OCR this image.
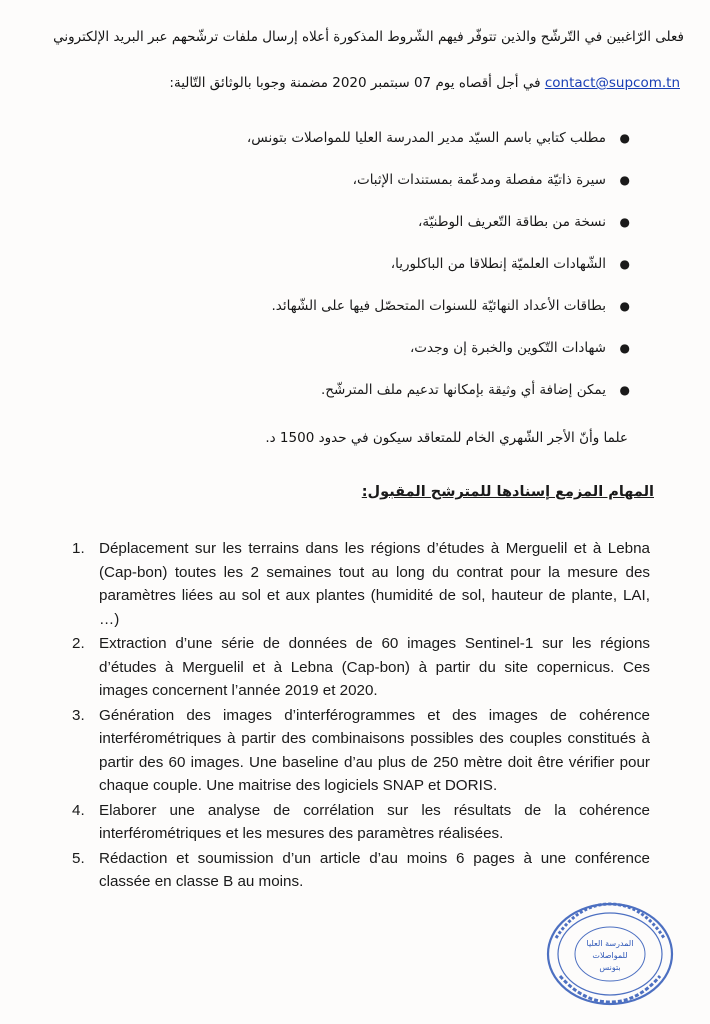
فعلى الرّاغبين في التّرشّح والذين تتوفّر فيهم الشّروط المذكورة أعلاه إرسال ملفات ترشّحهم عبر البريد الإلكتروني
contact@supcom.tn في أجل أقصاه يوم 07 سبتمبر 2020 مضمنة وجوبا بالوثائق التّالية:
●
مطلب كتابي باسم السيّد مدير المدرسة العليا للمواصلات بتونس،
●
سيرة ذاتيّة مفصلة ومدعّمة بمستندات الإثبات،
●
نسخة من بطاقة التّعريف الوطنيّة،
●
الشّهادات العلميّة إنطلاقا من الباكلوريا،
●
بطاقات الأعداد النهائيّة للسنوات المتحصّل فيها على الشّهائد.
●
شهادات التّكوين والخبرة إن وجدت،
●
يمكن إضافة أي وثيقة بإمكانها تدعيم ملف المترشّح.
علما وأنّ الأجر الشّهري الخام للمتعاقد سيكون في حدود 1500 د.
المهام المزمع إسنادها للمترشح المقبول:
1. Déplacement sur les terrains dans les régions d’études à Merguelil et à Lebna (Cap-bon) toutes les 2 semaines tout au long du contrat pour la mesure des paramètres liées au sol et aux plantes (humidité de sol, hauteur de plante, LAI, …)
2. Extraction d’une série de données de 60 images Sentinel-1 sur les régions d’études à Merguelil et à Lebna (Cap-bon) à partir du site copernicus. Ces images concernent l’année 2019 et 2020.
3. Génération des images d’interférogrammes et des images de cohérence interférométriques à partir des combinaisons possibles des couples constitués à partir des 60 images. Une baseline d’au plus de 250 mètre doit être vérifier pour chaque couple. Une maitrise des logiciels SNAP et DORIS.
4. Elaborer une analyse de corrélation sur les résultats de la cohérence interférométriques et les mesures des paramètres réalisées.
5. Rédaction et soumission d’un article d’au moins 6 pages à une conférence classée en classe B au moins.
المدرسة العليا
للمواصلات
بتونس
